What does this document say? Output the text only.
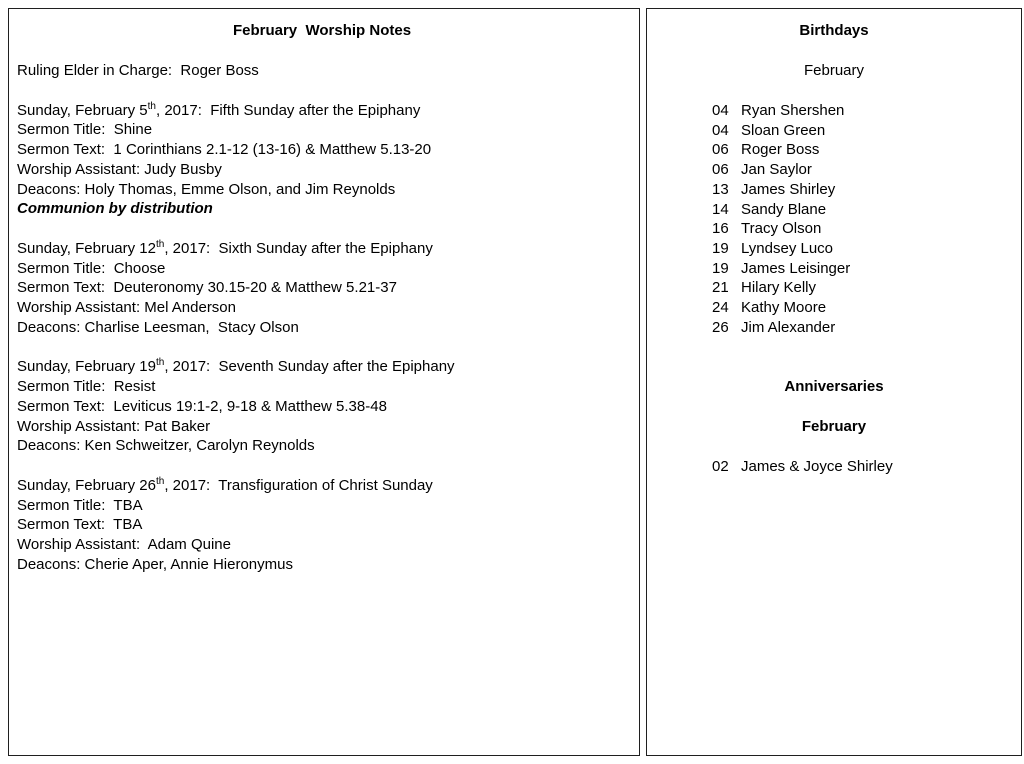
February  Worship Notes

Ruling Elder in Charge:  Roger Boss

Sunday, February 5th, 2017:  Fifth Sunday after the Epiphany

Sermon Title:  Shine

Sermon Text:  1 Corinthians 2.1-12 (13-16) & Matthew 5.13-20

Worship Assistant: Judy Busby

Deacons: Holy Thomas, Emme Olson, and Jim Reynolds

Communion by distribution

Sunday, February 12th, 2017:  Sixth Sunday after the Epiphany

Sermon Title:  Choose

Sermon Text:  Deuteronomy 30.15-20 & Matthew 5.21-37

Worship Assistant: Mel Anderson

Deacons: Charlise Leesman,  Stacy Olson

Sunday, February 19th, 2017:  Seventh Sunday after the Epiphany

Sermon Title:  Resist

Sermon Text:  Leviticus 19:1-2, 9-18 & Matthew 5.38-48

Worship Assistant: Pat Baker

Deacons: Ken Schweitzer, Carolyn Reynolds

Sunday, February 26th, 2017:  Transfiguration of Christ Sunday

Sermon Title:  TBA

Sermon Text:  TBA

Worship Assistant:  Adam Quine

Deacons: Cherie Aper, Annie Hieronymus

Birthdays

February

04 Ryan Shershen
04 Sloan Green
06 Roger Boss
06 Jan Saylor
13 James Shirley
14 Sandy Blane
16 Tracy Olson
19 Lyndsey Luco
19 James Leisinger
21 Hilary Kelly
24 Kathy Moore
26 Jim Alexander
Anniversaries

February

02 James & Joyce Shirley
